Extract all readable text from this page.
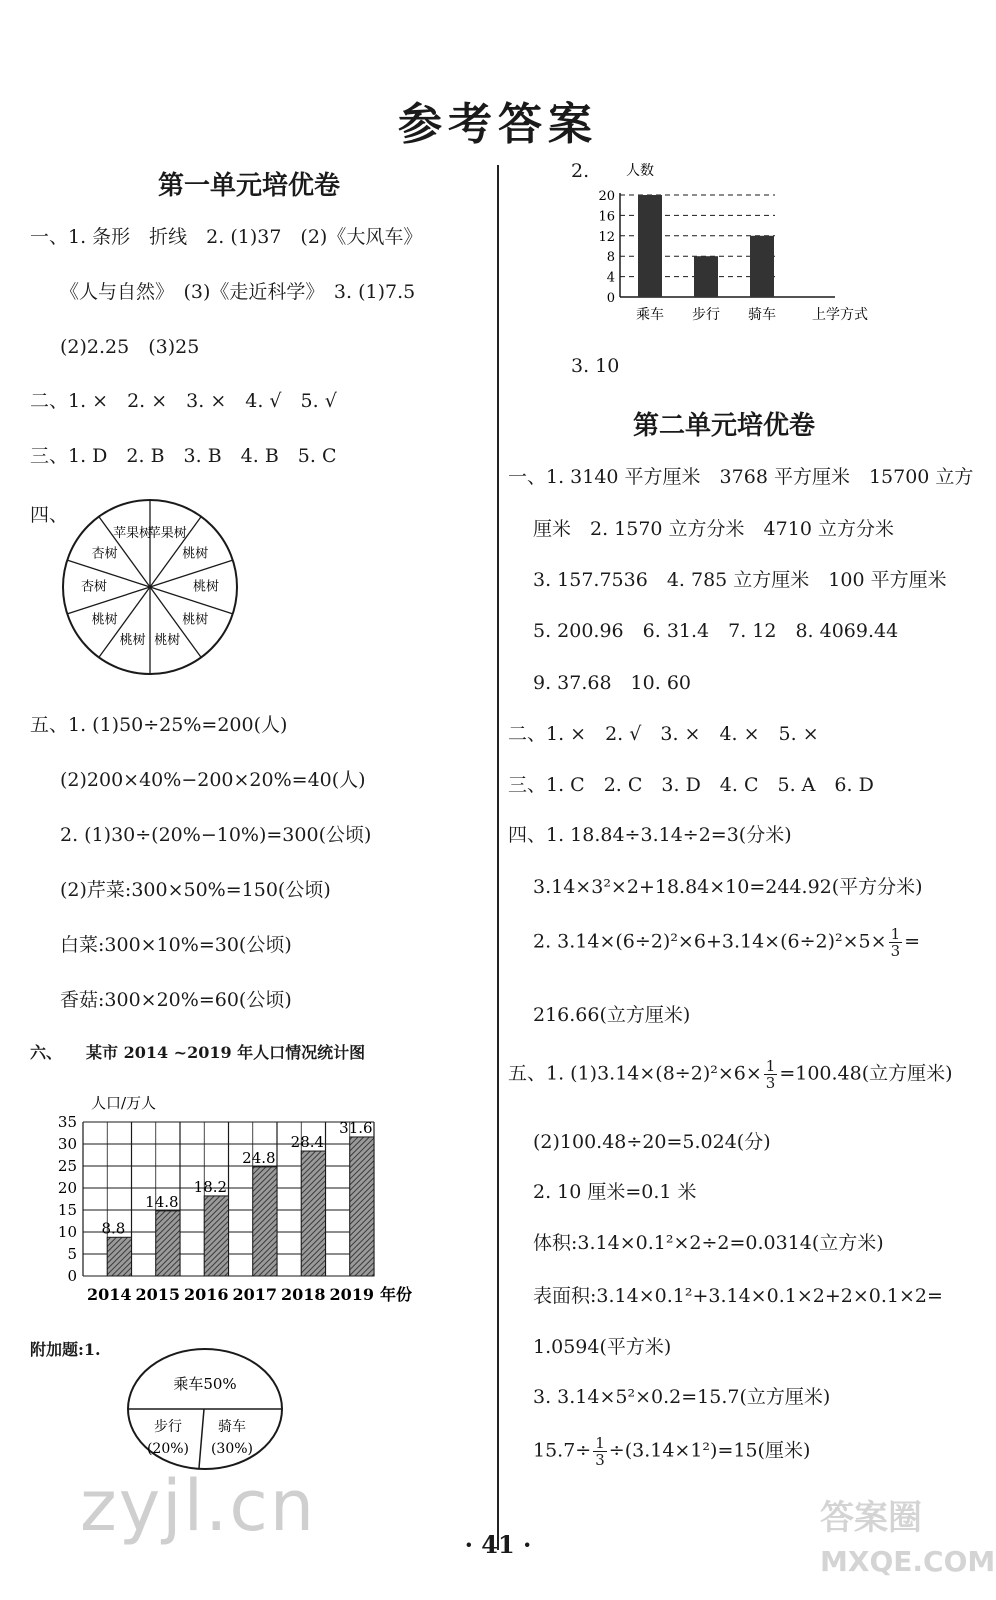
参考答案
第一单元培优卷
一、1. 条形　折线　2. (1)37　(2)《大风车》
《人与自然》　(3)《走近科学》　3. (1)7.5
(2)2.25　(3)25
二、1. ×　2. ×　3. ×　4. √　5. √
三、1. D　2. B　3. B　4. B　5. C
四、
苹果树
桃树
桃树
桃树
桃树
桃树
桃树
杏树
杏树
苹果树
五、1. (1)50÷25%=200(人)
(2)200×40%−200×20%=40(人)
2. (1)30÷(20%−10%)=300(公顷)
(2)芹菜:300×50%=150(公顷)
白菜:300×10%=30(公顷)
香菇:300×20%=60(公顷)
六、　　某市 2014 ~2019 年人口情况统计图
0
5
10
15
20
25
30
35
人口/万人
8.8
2014
14.8
2015
18.2
2016
24.8
2017
28.4
2018
31.6
2019 年份
附加题:1.
乘车50%
步行
(20%)
骑车
(30%)
2.
0
4
8
12
16
20
人数
乘车 步行 骑车	上学方式
3. 10
第二单元培优卷
一、1. 3140 平方厘米　3768 平方厘米　15700 立方
厘米　2. 1570 立方分米　4710 立方分米
3. 157.7536　4. 785 立方厘米　100 平方厘米
5. 200.96　6. 31.4　7. 12　8. 4069.44
9. 37.68　10. 60
二、1. ×　2. √　3. ×　4. ×　5. ×
三、1. C　2. C　3. D　4. C　5. A　6. D
四、1. 18.84÷3.14÷2=3(分米)
3.14×3²×2+18.84×10=244.92(平方分米)
2. $3.14\times(6\div 2)^2\times 6+3.14\times(6\div 2)^2\times 5\times \frac{1}{3}$ =
216.66(立方厘米)
五、1. $(1)3.14\times(8\div 2)^2\times 6\times \frac{1}{3} =100.48$(立方厘米)
(2)100.48÷20=5.024(分)
2. 10 厘米=0.1 米
体积:3.14×0.1²×2÷2=0.0314(立方米)
表面积:3.14×0.1²+3.14×0.1×2+2×0.1×2=
1.0594(平方米)
3. 3.14×5²×0.2=15.7(立方厘米)
$15.7\div \frac{1}{3} \div(3.14\times 1^2)=15$(厘米)
· 41 ·
zyjl.cn	答案圈
MXQE.COM
